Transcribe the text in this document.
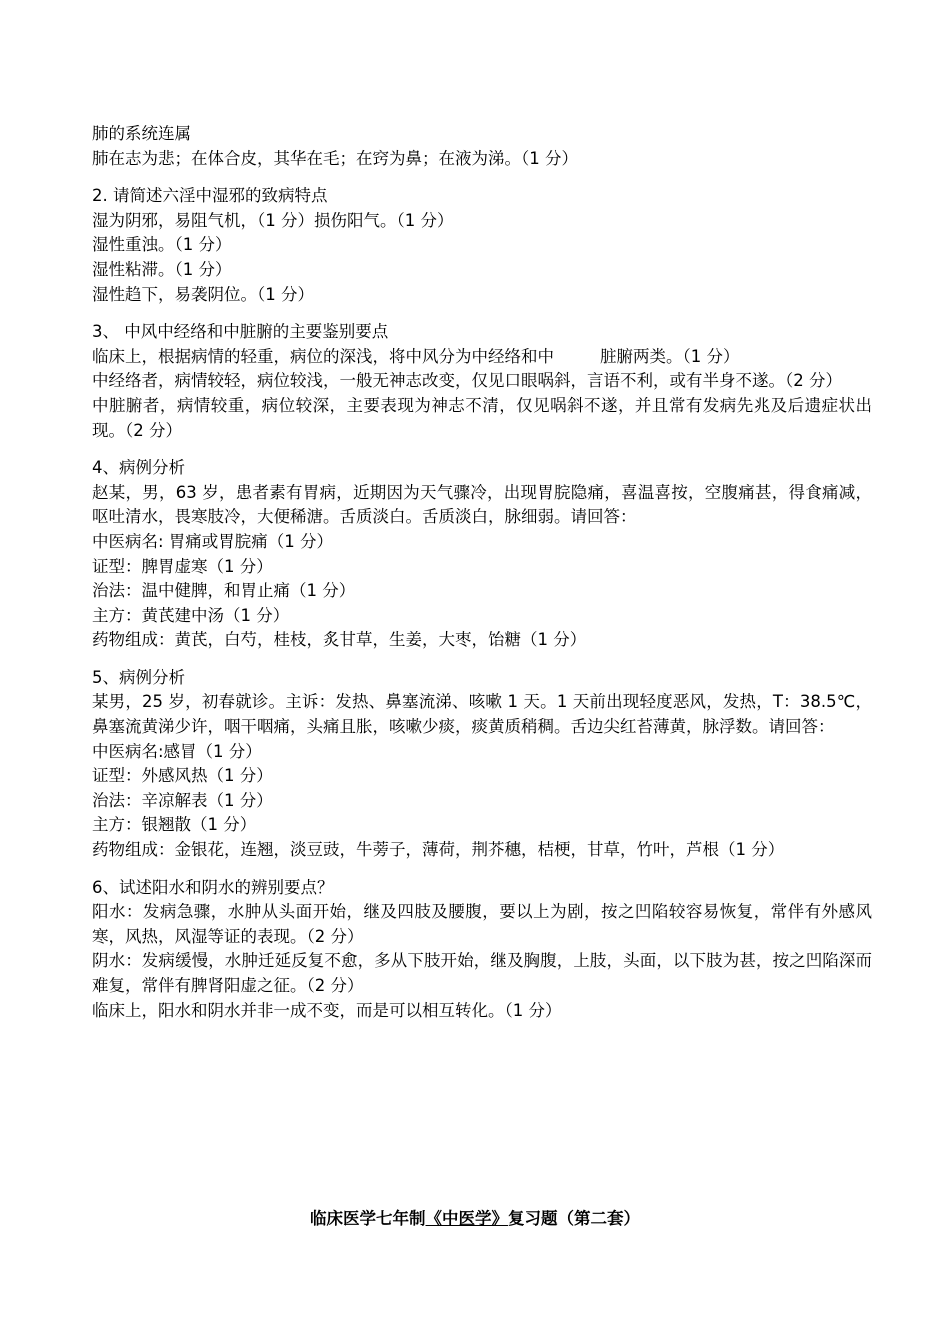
肺的系统连属
肺在志为悲；在体合皮，其华在毛；在窍为鼻；在液为涕。（1 分）
2. 请简述六淫中湿邪的致病特点
湿为阴邪，易阻气机，（1 分）损伤阳气。（1 分）
湿性重浊。（1 分）
湿性粘滞。（1 分）
湿性趋下，易袭阴位。（1 分）
3、 中风中经络和中脏腑的主要鉴别要点
临床上，根据病情的轻重，病位的深浅，将中风分为中经络和中	脏腑两类。（1 分）
中经络者，病情较轻，病位较浅，一般无神志改变，仅见口眼㖞斜，言语不利，或有半身不遂。（2 分）
中脏腑者，病情较重，病位较深，主要表现为神志不清，仅见㖞斜不遂，并且常有发病先兆及后遗症状出现。（2 分）
4、病例分析
赵某，男，63 岁，患者素有胃病，近期因为天气骤冷，出现胃脘隐痛，喜温喜按，空腹痛甚，得食痛减，呕吐清水，畏寒肢冷，大便稀溏。舌质淡白。舌质淡白，脉细弱。请回答：
中医病名: 胃痛或胃脘痛（1 分）
证型：脾胃虚寒（1 分）
治法：温中健脾，和胃止痛（1 分）
主方：黄芪建中汤（1 分）
药物组成：黄芪，白芍，桂枝，炙甘草，生姜，大枣，饴糖（1 分）
5、病例分析
某男，25 岁，初春就诊。主诉：发热、鼻塞流涕、咳嗽 1 天。1 天前出现轻度恶风，发热，T：38.5℃，鼻塞流黄涕少许，咽干咽痛，头痛且胀，咳嗽少痰，痰黄质稍稠。舌边尖红苔薄黄，脉浮数。请回答：
中医病名:感冒（1 分）
证型：外感风热（1 分）
治法：辛凉解表（1 分）
主方：银翘散（1 分）
药物组成：金银花，连翘，淡豆豉，牛蒡子，薄荷，荆芥穗，桔梗，甘草，竹叶，芦根（1 分）
6、试述阳水和阴水的辨别要点？
阳水：发病急骤，水肿从头面开始，继及四肢及腰腹，要以上为剧，按之凹陷较容易恢复，常伴有外感风寒，风热，风湿等证的表现。（2 分）
阴水：发病缓慢，水肿迁延反复不愈，多从下肢开始，继及胸腹，上肢，头面，以下肢为甚，按之凹陷深而难复，常伴有脾肾阳虚之征。（2 分）
临床上，阳水和阴水并非一成不变，而是可以相互转化。（1 分）
临床医学七年制《中医学》复习题（第二套）
